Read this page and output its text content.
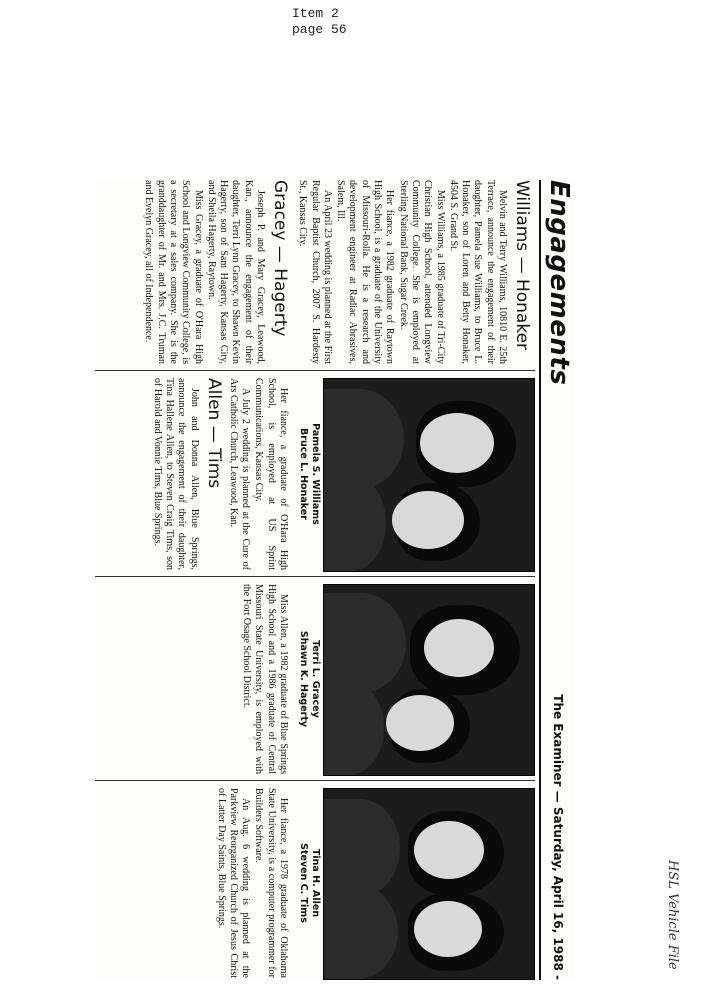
Item 2
page 56
HSL Vehicle File
Engagements
The Examiner — Saturday, April 16, 1988 -
Williams — Honaker

Melvin and Terry Williams, 10810 E. 25th Terrace, announce the engagement of their daughter, Pamela Sue Williams, to Bruce L. Honaker, son of Loren and Betty Honaker, 4504 S. Grand St.

Miss Williams, a 1985 graduate of Tri-City Christian High School, attended Longview Community College. She is employed at Sterling National Bank, Sugar Creek.

Her fiance, a 1982 graduate of Raytown High School, is a graduate of the University of Missouri-Rolla. He is a research and development engineer at Radiac Abrasives, Salem, Ill.

An April 23 wedding is planned at the First Regular Baptist Church, 2007 S. Hardesty St., Kansas City.

Gracey — Hagerty

Joseph P. and Mary Gracey, Leawood, Kan., announce the engagement of their daughter, Terri Lynn Gracey, to Shawn Kevin Hagerty, son of Sam Hagerty, Kansas City, and Sheila Hagerty, Raytown.

Miss Gracey, a graduate of O'Hara High School and Longview Community College, is a secretary at a sales company. She is the granddaughter of Mr. and Mrs. J.C. Truman and Evelyn Gracey, all of Independence.

Pamela S. Williams
Bruce L. Honaker

Her fiance, a graduate of O'Hara High School, is employed at US Sprint Communications, Kansas City.

A July 2 wedding is planned at the Cure of Ars Catholic Church, Leawood, Kan.

Allen — Tims

John and Donna Allen, Blue Springs, announce the engagement of their daughter, Tina Hallene Allen, to Steven Craig Tims, son of Harold and Vonnie Tims, Blue Springs.

Terri L. Gracey
Shawn K. Hagerty

Miss Allen, a 1982 graduate of Blue Springs High School and a 1986 graduate of Central Missouri State University, is employed with the Fort Osage School District.

Tina H. Allen
Steven C. Tims

Her fiance, a 1978 graduate of Oklahoma State University, is a computer programmer for Builders Software.

An Aug. 6 wedding is planned at the Parkview Reorganized Church of Jesus Christ of Latter Day Saints, Blue Springs.
